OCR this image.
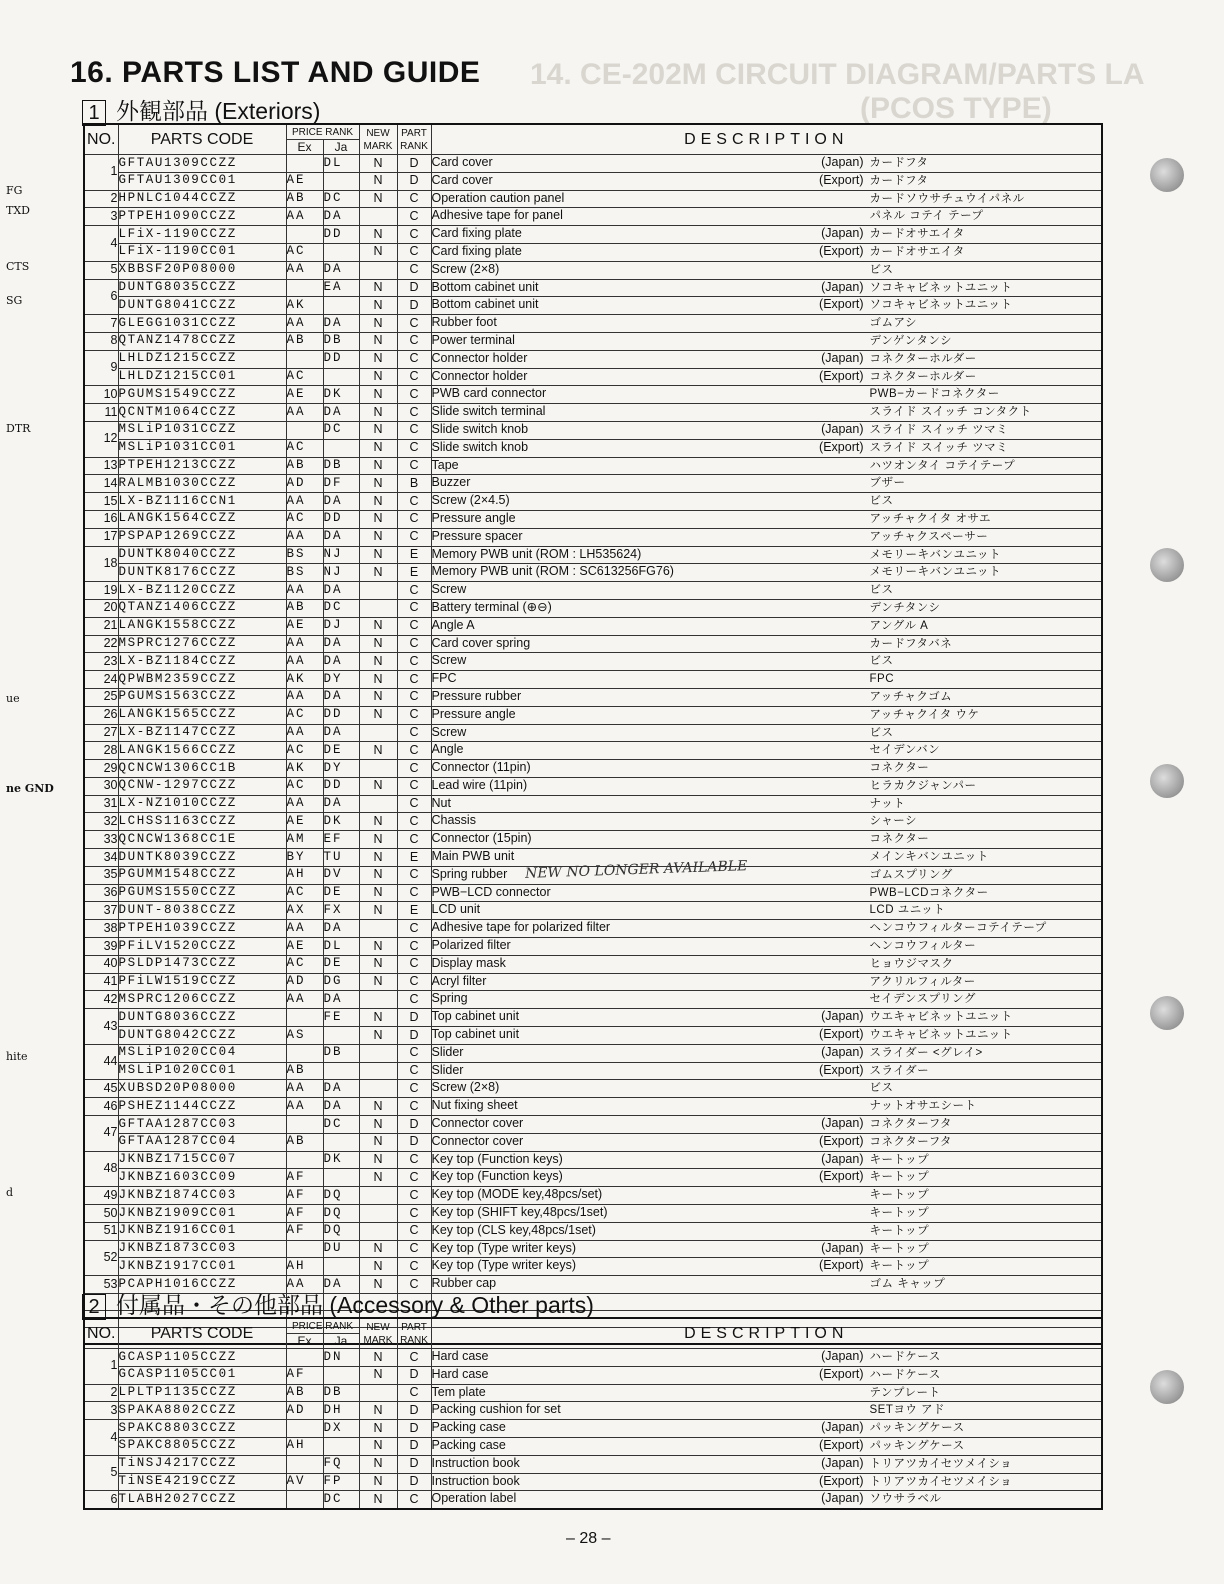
14. CE-202M CIRCUIT DIAGRAM/PARTS LA
(PCOS TYPE)
16. PARTS LIST AND GUIDE
1 外観部品 (Exteriors)
NO.	PARTS CODE	PRICE RANK		NEW MARK	PART RANK	DESCRIPTION
		Ex	Ja			
1	GFTAU1309CCZZ		DL	N	D	Card cover (Japan) カードフタ
	GFTAU1309CC01	AE		N	D	Card cover (Export) カードフタ
2	HPNLC1044CCZZ	AB	DC	N	C	Operation caution panel カードソウサチュウイパネル
3	PTPEH1090CCZZ	AA	DA		C	Adhesive tape for panel パネル コテイ テープ
4	LFiX-1190CCZZ		DD	N	C	Card fixing plate (Japan) カードオサエイタ
	LFiX-1190CC01	AC		N	C	Card fixing plate (Export) カードオサエイタ
5	XBBSF20P08000	AA	DA		C	Screw (2×8) ビス
6	DUNTG8035CCZZ		EA	N	D	Bottom cabinet unit (Japan) ソコキャビネットユニット
	DUNTG8041CCZZ	AK		N	D	Bottom cabinet unit (Export) ソコキャビネットユニット
7	GLEGG1031CCZZ	AA	DA	N	C	Rubber foot ゴムアシ
8	QTANZ1478CCZZ	AB	DB	N	C	Power terminal デンゲンタンシ
9	LHLDZ1215CCZZ		DD	N	C	Connector holder (Japan) コネクターホルダー
	LHLDZ1215CC01	AC		N	C	Connector holder (Export) コネクターホルダー
10	PGUMS1549CCZZ	AE	DK	N	C	PWB card connector PWB−カードコネクター
11	QCNTM1064CCZZ	AA	DA	N	C	Slide switch terminal スライド スイッチ コンタクト
12	MSLiP1031CCZZ		DC	N	C	Slide switch knob (Japan) スライド スイッチ ツマミ
	MSLiP1031CC01	AC		N	C	Slide switch knob (Export) スライド スイッチ ツマミ
13	PTPEH1213CCZZ	AB	DB	N	C	Tape ハツオンタイ コテイテープ
14	RALMB1030CCZZ	AD	DF	N	B	Buzzer ブザー
15	LX-BZ1116CCN1	AA	DA	N	C	Screw (2×4.5) ビス
16	LANGK1564CCZZ	AC	DD	N	C	Pressure angle アッチャクイタ オサエ
17	PSPAP1269CCZZ	AA	DA	N	C	Pressure spacer アッチャクスペーサー
18	DUNTK8040CCZZ	BS	NJ	N	E	Memory PWB unit (ROM : LH535624) メモリーキバンユニット
	DUNTK8176CCZZ	BS	NJ	N	E	Memory PWB unit (ROM : SC613256FG76) メモリーキバンユニット
19	LX-BZ1120CCZZ	AA	DA		C	Screw ビス
20	QTANZ1406CCZZ	AB	DC		C	Battery terminal (⊕⊖) デンチタンシ
21	LANGK1558CCZZ	AE	DJ	N	C	Angle A アングル A
22	MSPRC1276CCZZ	AA	DA	N	C	Card cover spring カードフタバネ
23	LX-BZ1184CCZZ	AA	DA	N	C	Screw ビス
24	QPWBM2359CCZZ	AK	DY	N	C	FPC FPC
25	PGUMS1563CCZZ	AA	DA	N	C	Pressure rubber アッチャクゴム
26	LANGK1565CCZZ	AC	DD	N	C	Pressure angle アッチャクイタ ウケ
27	LX-BZ1147CCZZ	AA	DA		C	Screw ビス
28	LANGK1566CCZZ	AC	DE	N	C	Angle セイデンバン
29	QCNCW1306CC1B	AK	DY		C	Connector (11pin) コネクター
30	QCNW-1297CCZZ	AC	DD	N	C	Lead wire (11pin) ヒラカクジャンパー
31	LX-NZ1010CCZZ	AA	DA		C	Nut ナット
32	LCHSS1163CCZZ	AE	DK	N	C	Chassis シャーシ
33	QCNCW1368CC1E	AM	EF	N	C	Connector (15pin) コネクター
34	DUNTK8039CCZZ	BY	TU	N	E	Main PWB unit メインキバンユニット
35	PGUMM1548CCZZ	AH	DV	N	C	Spring rubber ゴムスプリング
36	PGUMS1550CCZZ	AC	DE	N	C	PWB−LCD connector PWB−LCDコネクター
37	DUNT-8038CCZZ	AX	FX	N	E	LCD unit LCD ユニット
38	PTPEH1039CCZZ	AA	DA		C	Adhesive tape for polarized filter ヘンコウフィルターコテイテープ
39	PFiLV1520CCZZ	AE	DL	N	C	Polarized filter ヘンコウフィルター
40	PSLDP1473CCZZ	AC	DE	N	C	Display mask ヒョウジマスク
41	PFiLW1519CCZZ	AD	DG	N	C	Acryl filter アクリルフィルター
42	MSPRC1206CCZZ	AA	DA		C	Spring セイデンスプリング
43	DUNTG8036CCZZ		FE	N	D	Top cabinet unit (Japan) ウエキャビネットユニット
	DUNTG8042CCZZ	AS		N	D	Top cabinet unit (Export) ウエキャビネットユニット
44	MSLiP1020CC04		DB		C	Slider (Japan) スライダー <グレイ>
	MSLiP1020CC01	AB			C	Slider (Export) スライダー
45	XUBSD20P08000	AA	DA		C	Screw (2×8) ビス
46	PSHEZ1144CCZZ	AA	DA	N	C	Nut fixing sheet ナットオサエシート
47	GFTAA1287CC03		DC	N	D	Connector cover (Japan) コネクターフタ
	GFTAA1287CC04	AB		N	D	Connector cover (Export) コネクターフタ
48	JKNBZ1715CC07		DK	N	C	Key top (Function keys) (Japan) キートップ
	JKNBZ1603CC09	AF		N	C	Key top (Function keys) (Export) キートップ
49	JKNBZ1874CC03	AF	DQ		C	Key top (MODE key,48pcs/set) キートップ
50	JKNBZ1909CC01	AF	DQ		C	Key top (SHIFT key,48pcs/1set) キートップ
51	JKNBZ1916CC01	AF	DQ		C	Key top (CLS key,48pcs/1set) キートップ
52	JKNBZ1873CC03		DU	N	C	Key top (Type writer keys) (Japan) キートップ
	JKNBZ1917CC01	AH		N	C	Key top (Type writer keys) (Export) キートップ
53	PCAPH1016CCZZ	AA	DA	N	C	Rubber cap ゴム キャップ

2 付属品・その他部品 (Accessory & Other parts)
NO.	PARTS CODE	PRICE RANK		NEW MARK	PART RANK	DESCRIPTION
		Ex	Ja			
1	GCASP1105CCZZ		DN	N	C	Hard case (Japan) ハードケース
	GCASP1105CC01	AF		N	D	Hard case (Export) ハードケース
2	LPLTP1135CCZZ	AB	DB		C	Tem plate テンプレート
3	SPAKA8802CCZZ	AD	DH	N	D	Packing cushion for set SETヨウ アド
4	SPAKC8803CCZZ		DX	N	D	Packing case (Japan) パッキングケース
	SPAKC8805CCZZ	AH		N	D	Packing case (Export) パッキングケース
5	TiNSJ4217CCZZ		FQ	N	D	Instruction book (Japan) トリアツカイセツメイショ
	TiNSE4219CCZZ	AV	FP	N	D	Instruction book (Export) トリアツカイセツメイショ
6	TLABH2027CCZZ		DC	N	C	Operation label (Japan) ソウサラベル
FG
TXD
CTS
SG
DTR
ue
ne GND
hite
d
NEW NO LONGER AVAILABLE
– 28 –
